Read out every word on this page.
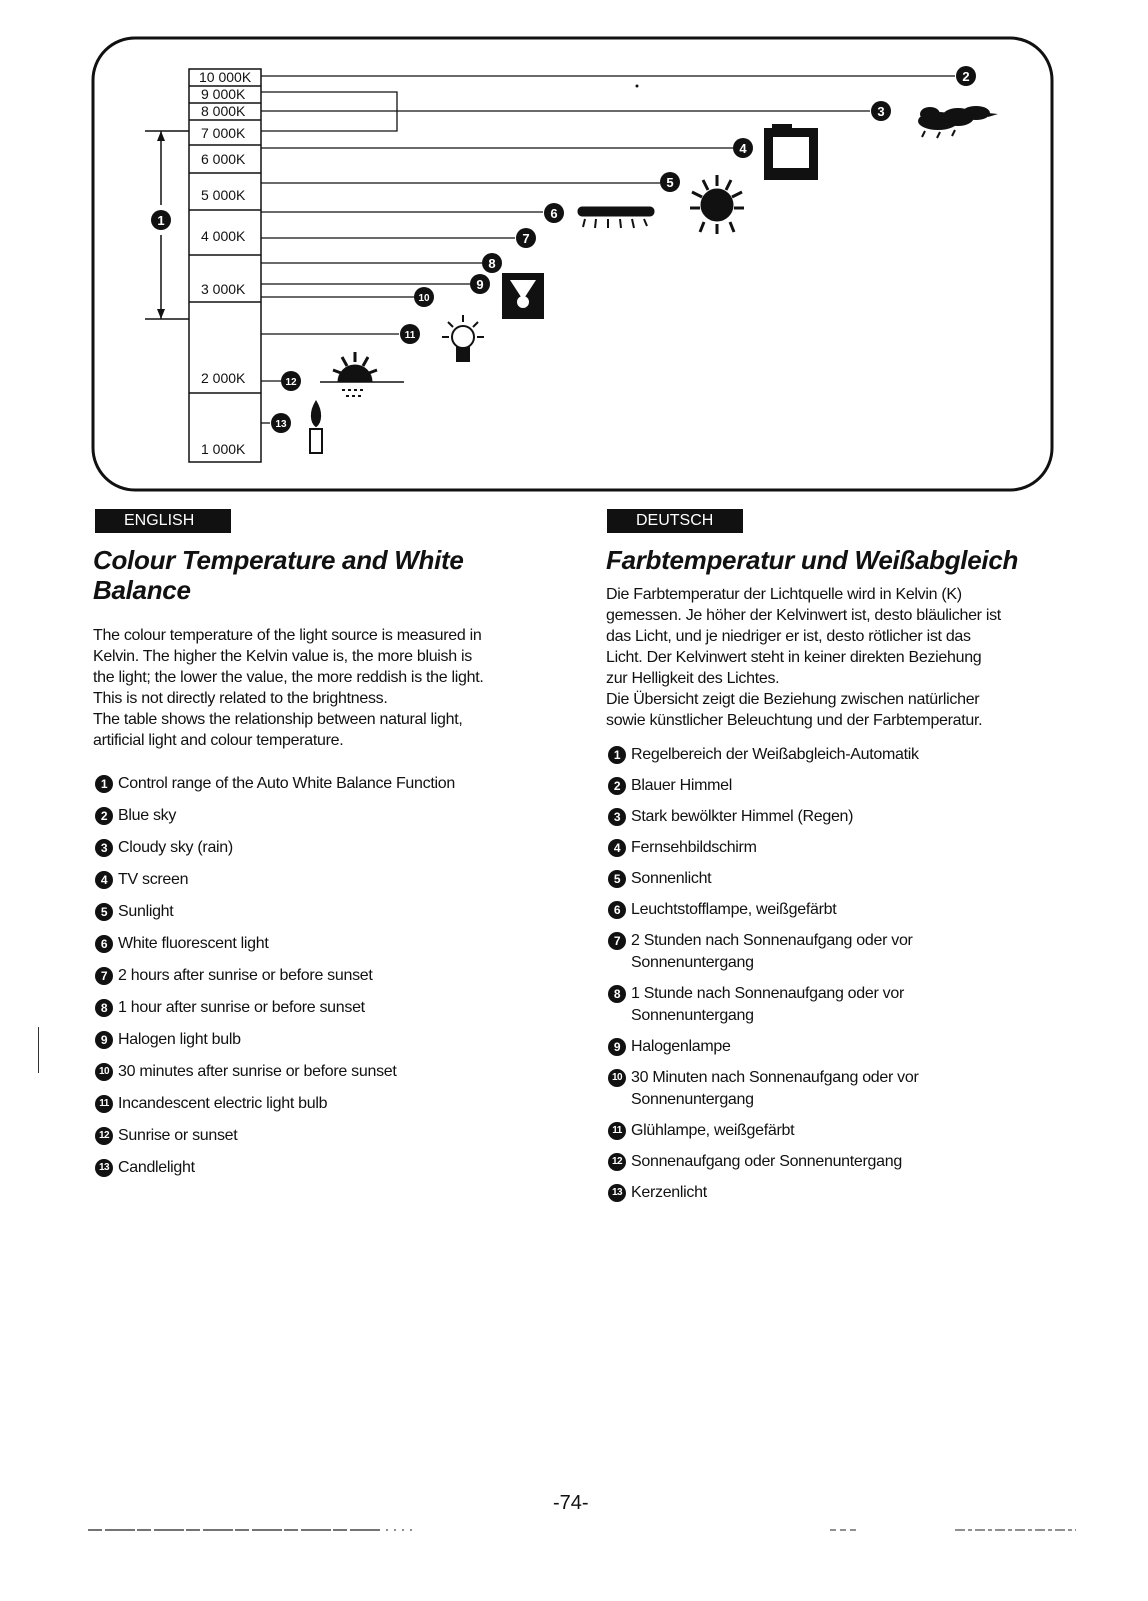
10 000K
9 000K
8 000K
7 000K
6 000K
5 000K
4 000K
3 000K
2 000K
1 000K
1
2
3
4
5
6
7
8
9
10
11
12
13
ENGLISH
Colour Temperature and White Balance
The colour temperature of the light source is measured in
Kelvin. The higher the Kelvin value is, the more bluish is
the light; the lower the value, the more reddish is the light.
This is not directly related to the brightness.
The table shows the relationship between natural light,
artificial light and colour temperature.
1 Control range of the Auto White Balance Function
2 Blue sky
3 Cloudy sky (rain)
4 TV screen
5 Sunlight
6 White fluorescent light
7 2 hours after sunrise or before sunset
8 1 hour after sunrise or before sunset
9 Halogen light bulb
10 30 minutes after sunrise or before sunset
11 Incandescent electric light bulb
12 Sunrise or sunset
13 Candlelight
DEUTSCH
Farbtemperatur und Weißabgleich
Die Farbtemperatur der Lichtquelle wird in Kelvin (K)
gemessen. Je höher der Kelvinwert ist, desto bläulicher ist
das Licht, und je niedriger er ist, desto rötlicher ist das
Licht. Der Kelvinwert steht in keiner direkten Beziehung
zur Helligkeit des Lichtes.
Die Übersicht zeigt die Beziehung zwischen natürlicher
sowie künstlicher Beleuchtung und der Farbtemperatur.
1 Regelbereich der Weißabgleich-Automatik
2 Blauer Himmel
3 Stark bewölkter Himmel (Regen)
4 Fernsehbildschirm
5 Sonnenlicht
6 Leuchtstofflampe, weißgefärbt
7 2 Stunden nach Sonnenaufgang oder vor
Sonnenuntergang
8 1 Stunde nach Sonnenaufgang oder vor
Sonnenuntergang
9 Halogenlampe
10 30 Minuten nach Sonnenaufgang oder vor
Sonnenuntergang
11 Glühlampe, weißgefärbt
12 Sonnenaufgang oder Sonnenuntergang
13 Kerzenlicht
-74-
